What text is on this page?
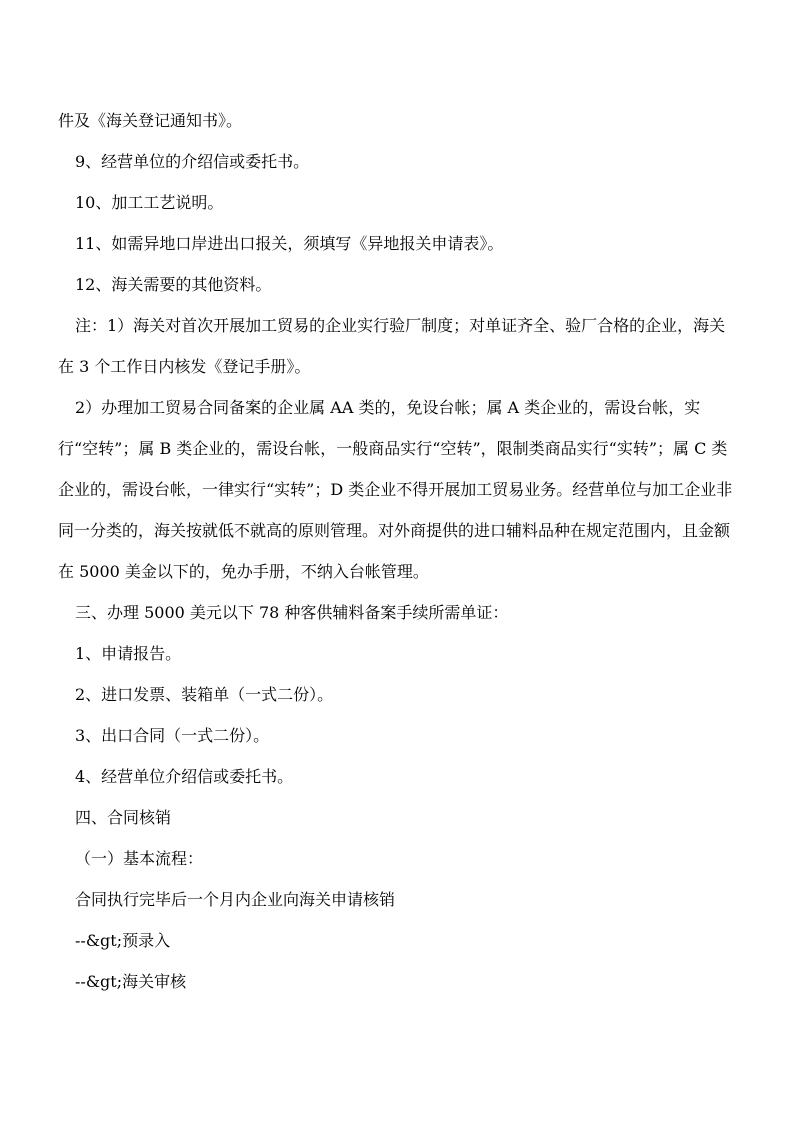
件及《海关登记通知书》。

9、经营单位的介绍信或委托书。

10、加工工艺说明。

11、如需异地口岸进出口报关，须填写《异地报关申请表》。

12、海关需要的其他资料。

注：1）海关对首次开展加工贸易的企业实行验厂制度；对单证齐全、验厂合格的企业，海关在 3 个工作日内核发《登记手册》。

2）办理加工贸易合同备案的企业属 AA 类的，免设台帐；属 A 类企业的，需设台帐，实行“空转”；属 B 类企业的，需设台帐，一般商品实行“空转”，限制类商品实行“实转”；属 C 类企业的，需设台帐，一律实行“实转”；D 类企业不得开展加工贸易业务。经营单位与加工企业非同一分类的，海关按就低不就高的原则管理。对外商提供的进口辅料品种在规定范围内，且金额在 5000 美金以下的，免办手册，不纳入台帐管理。

三、办理 5000 美元以下 78 种客供辅料备案手续所需单证：

1、申请报告。

2、进口发票、装箱单（一式二份）。

3、出口合同（一式二份）。

4、经营单位介绍信或委托书。

四、合同核销

（一）基本流程：

合同执行完毕后一个月内企业向海关申请核销

--&gt;预录入

--&gt;海关审核
